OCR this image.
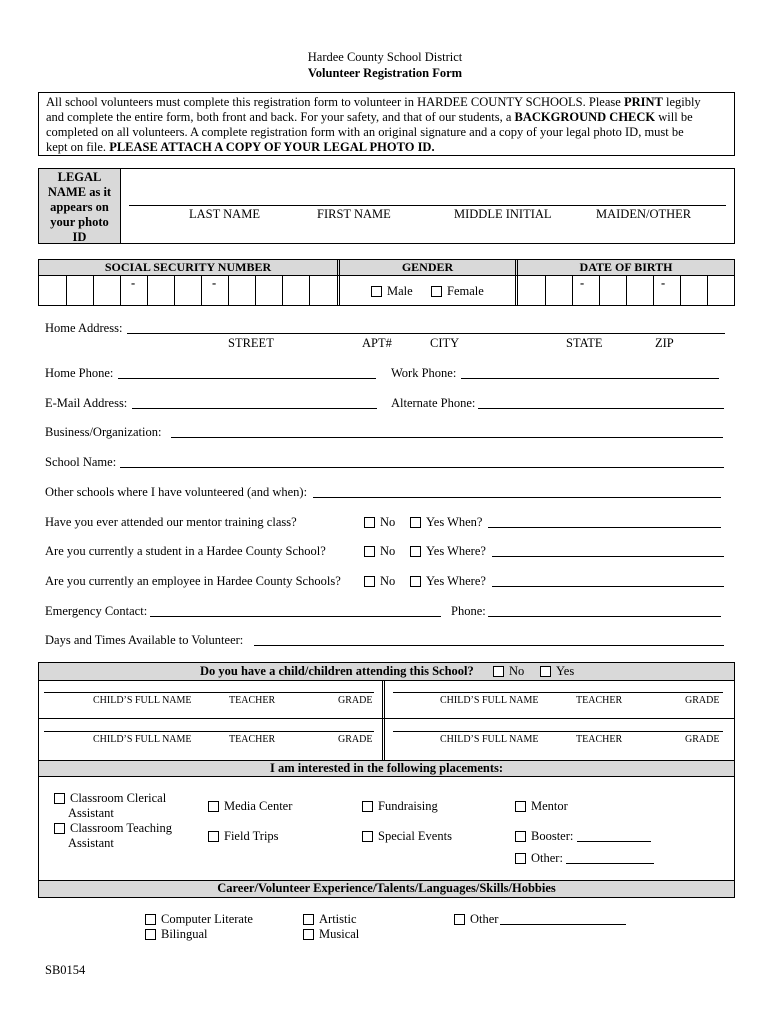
Hardee County School District
Volunteer Registration Form
All school volunteers must complete this registration form to volunteer in HARDEE COUNTY SCHOOLS. Please PRINT legibly
and complete the entire form, both front and back. For your safety, and that of our students, a BACKGROUND CHECK will be
completed on all volunteers. A complete registration form with an original signature and a copy of your legal photo ID, must be
kept on file. PLEASE ATTACH A COPY OF YOUR LEGAL PHOTO ID.
LEGAL
NAME as it
appears on
your photo
ID
LAST NAME	FIRST NAME	MIDDLE INITIAL	MAIDEN/OTHER
SOCIAL SECURITY NUMBER	GENDER	DATE OF BIRTH
-	-
Male	Female
-	-
Home Address:
STREET	APT#	CITY	STATE	ZIP
Home Phone:	Work Phone:
E-Mail Address:	Alternate Phone:
Business/Organization:
School Name:
Other schools where I have volunteered (and when):
Have you ever attended our mentor training class?	No	Yes When?
Are you currently a student in a Hardee County School?	No	Yes Where?
Are you currently an employee in Hardee County Schools?	No	Yes Where?
Emergency Contact:	Phone:
Days and Times Available to Volunteer:
Do you have a child/children attending this School?	No	Yes
CHILD’S FULL NAME	TEACHER	GRADE	CHILD’S FULL NAME	TEACHER	GRADE
CHILD’S FULL NAME	TEACHER	GRADE	CHILD’S FULL NAME	TEACHER	GRADE
I am interested in the following placements:
Career/Volunteer Experience/Talents/Languages/Skills/Hobbies
Classroom Clerical
Assistant
Classroom Teaching
Assistant
Media Center
Field Trips
Fundraising
Special Events
Mentor
Booster:
Other:
Computer Literate
Bilingual
Artistic
Musical
Other
SB0154
